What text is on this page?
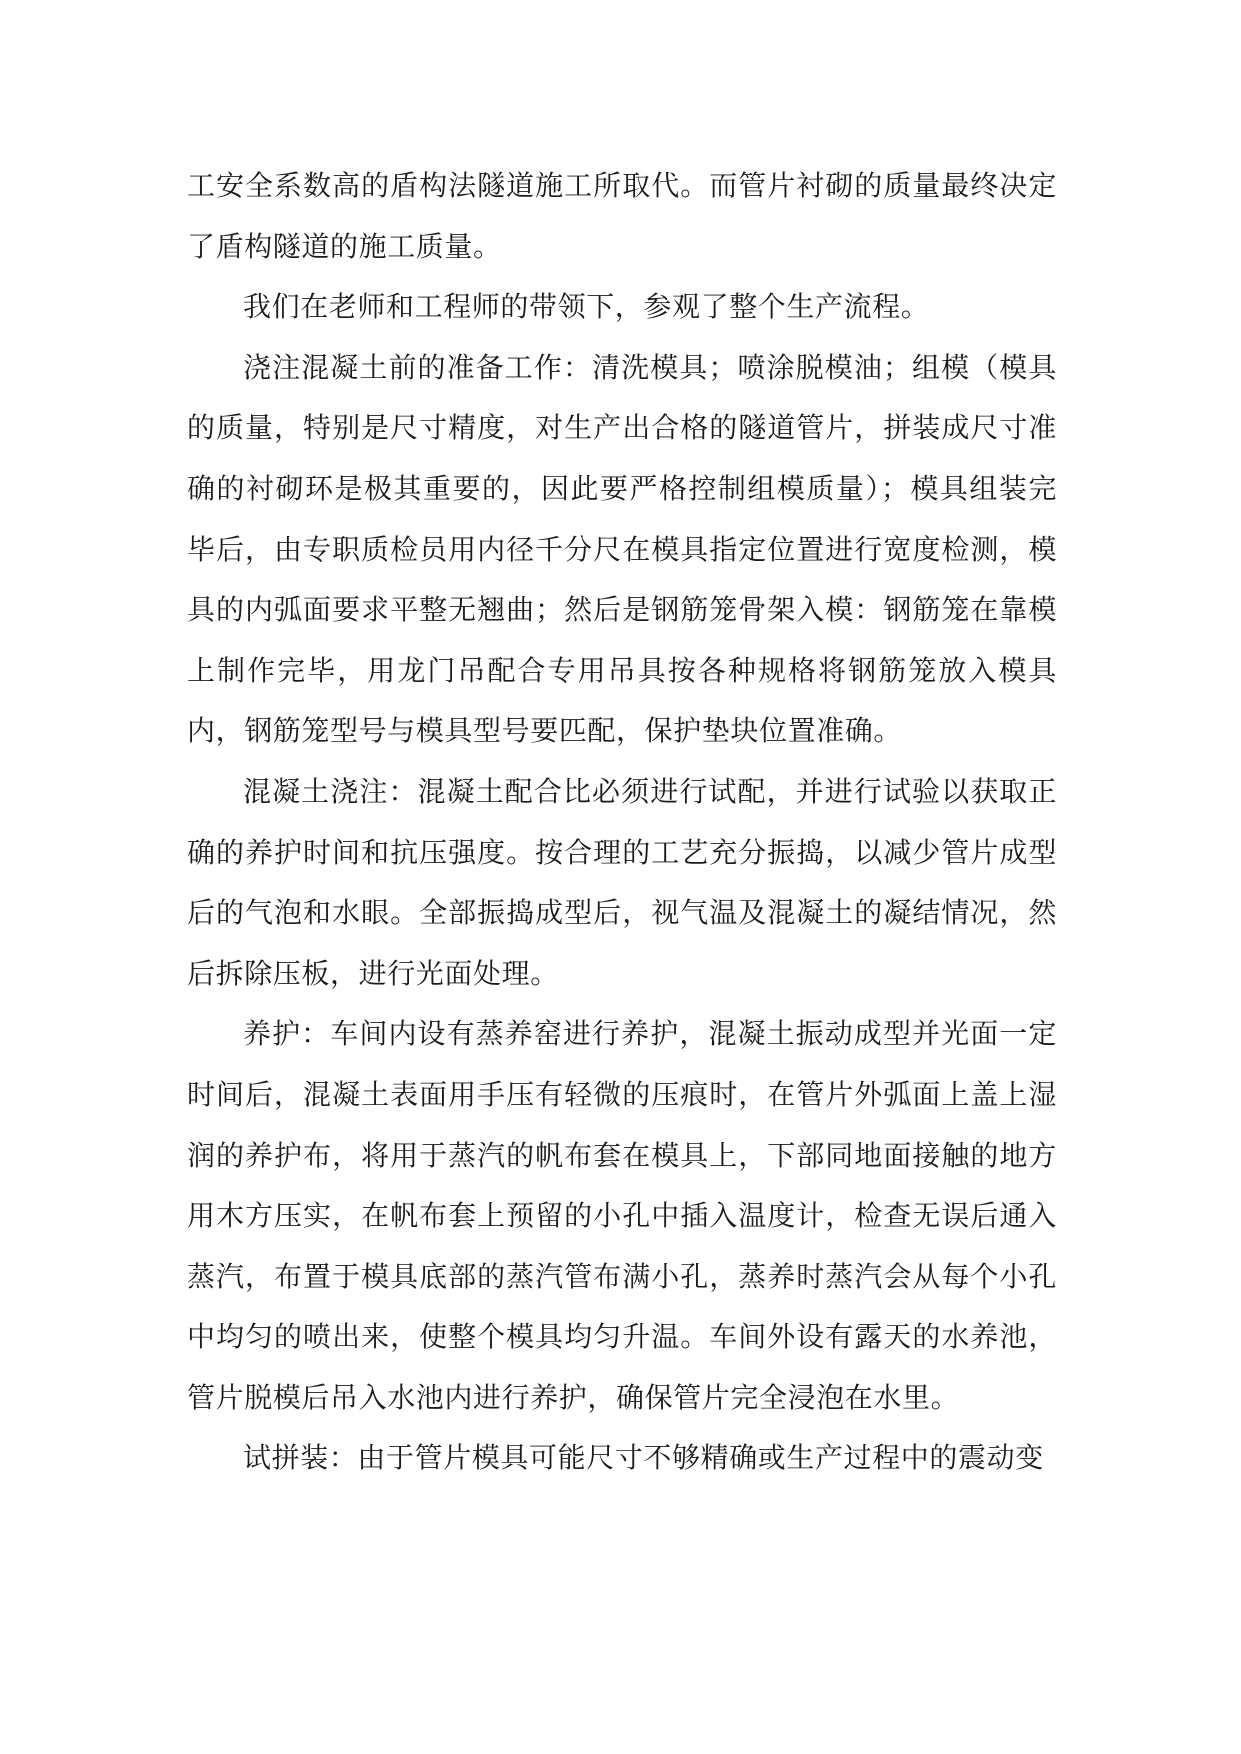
工安全系数高的盾构法隧道施工所取代。而管片衬砌的质量最终决定了盾构隧道的施工质量。

我们在老师和工程师的带领下，参观了整个生产流程。

浇注混凝土前的准备工作：清洗模具；喷涂脱模油；组模（模具的质量，特别是尺寸精度，对生产出合格的隧道管片，拼装成尺寸准确的衬砌环是极其重要的，因此要严格控制组模质量）；模具组装完毕后，由专职质检员用内径千分尺在模具指定位置进行宽度检测，模具的内弧面要求平整无翘曲；然后是钢筋笼骨架入模：钢筋笼在靠模上制作完毕，用龙门吊配合专用吊具按各种规格将钢筋笼放入模具内，钢筋笼型号与模具型号要匹配，保护垫块位置准确。

混凝土浇注：混凝土配合比必须进行试配，并进行试验以获取正确的养护时间和抗压强度。按合理的工艺充分振捣，以减少管片成型后的气泡和水眼。全部振捣成型后，视气温及混凝土的凝结情况，然后拆除压板，进行光面处理。

养护：车间内设有蒸养窑进行养护，混凝土振动成型并光面一定时间后，混凝土表面用手压有轻微的压痕时，在管片外弧面上盖上湿润的养护布，将用于蒸汽的帆布套在模具上，下部同地面接触的地方用木方压实，在帆布套上预留的小孔中插入温度计，检查无误后通入蒸汽，布置于模具底部的蒸汽管布满小孔，蒸养时蒸汽会从每个小孔中均匀的喷出来，使整个模具均匀升温。车间外设有露天的水养池，管片脱模后吊入水池内进行养护，确保管片完全浸泡在水里。

试拼装：由于管片模具可能尺寸不够精确或生产过程中的震动变
